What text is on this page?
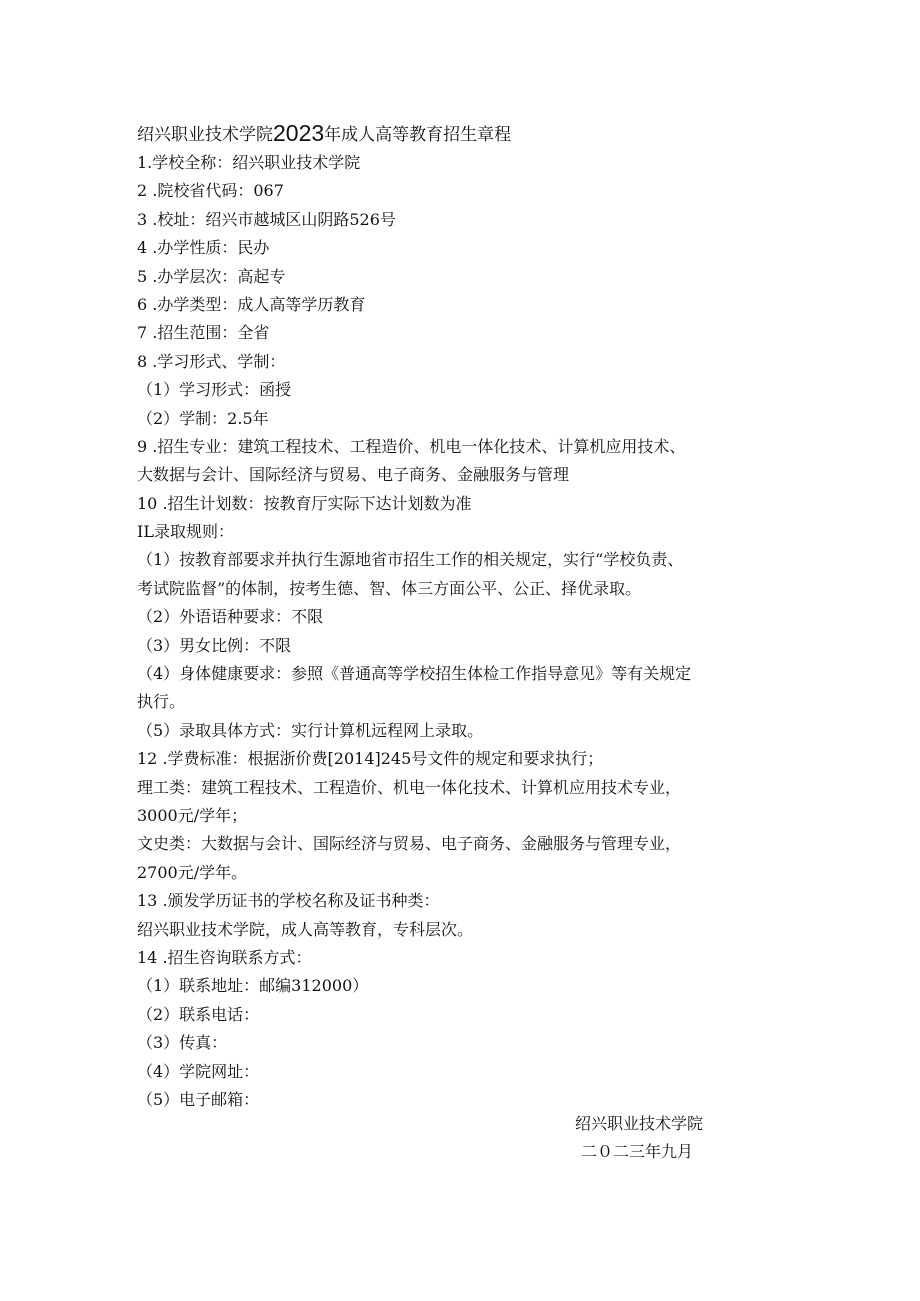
绍兴职业技术学院2023年成人高等教育招生章程
1.学校全称：绍兴职业技术学院
2 .院校省代码：067
3 .校址：绍兴市越城区山阴路526号
4 .办学性质：民办
5 .办学层次：高起专
6 .办学类型：成人高等学历教育
7 .招生范围：全省
8 .学习形式、学制：
（1）学习形式：函授
（2）学制：2.5年
9 .招生专业：建筑工程技术、工程造价、机电一体化技术、计算机应用技术、
大数据与会计、国际经济与贸易、电子商务、金融服务与管理
10 .招生计划数：按教育厅实际下达计划数为准
IL录取规则：
（1）按教育部要求并执行生源地省市招生工作的相关规定，实行“学校负责、
考试院监督”的体制，按考生德、智、体三方面公平、公正、择优录取。
（2）外语语种要求：不限
（3）男女比例：不限
（4）身体健康要求：参照《普通高等学校招生体检工作指导意见》等有关规定
执行。
（5）录取具体方式：实行计算机远程网上录取。
12 .学费标准：根据浙价费[2014]245号文件的规定和要求执行；
理工类：建筑工程技术、工程造价、机电一体化技术、计算机应用技术专业，
3000元/学年；
文史类：大数据与会计、国际经济与贸易、电子商务、金融服务与管理专业，
2700元/学年。
13 .颁发学历证书的学校名称及证书种类：
绍兴职业技术学院，成人高等教育，专科层次。
14 .招生咨询联系方式：
（1）联系地址：邮编312000）
（2）联系电话：
（3）传真：
（4）学院网址：
（5）电子邮箱：
绍兴职业技术学院
二０二三年九月
